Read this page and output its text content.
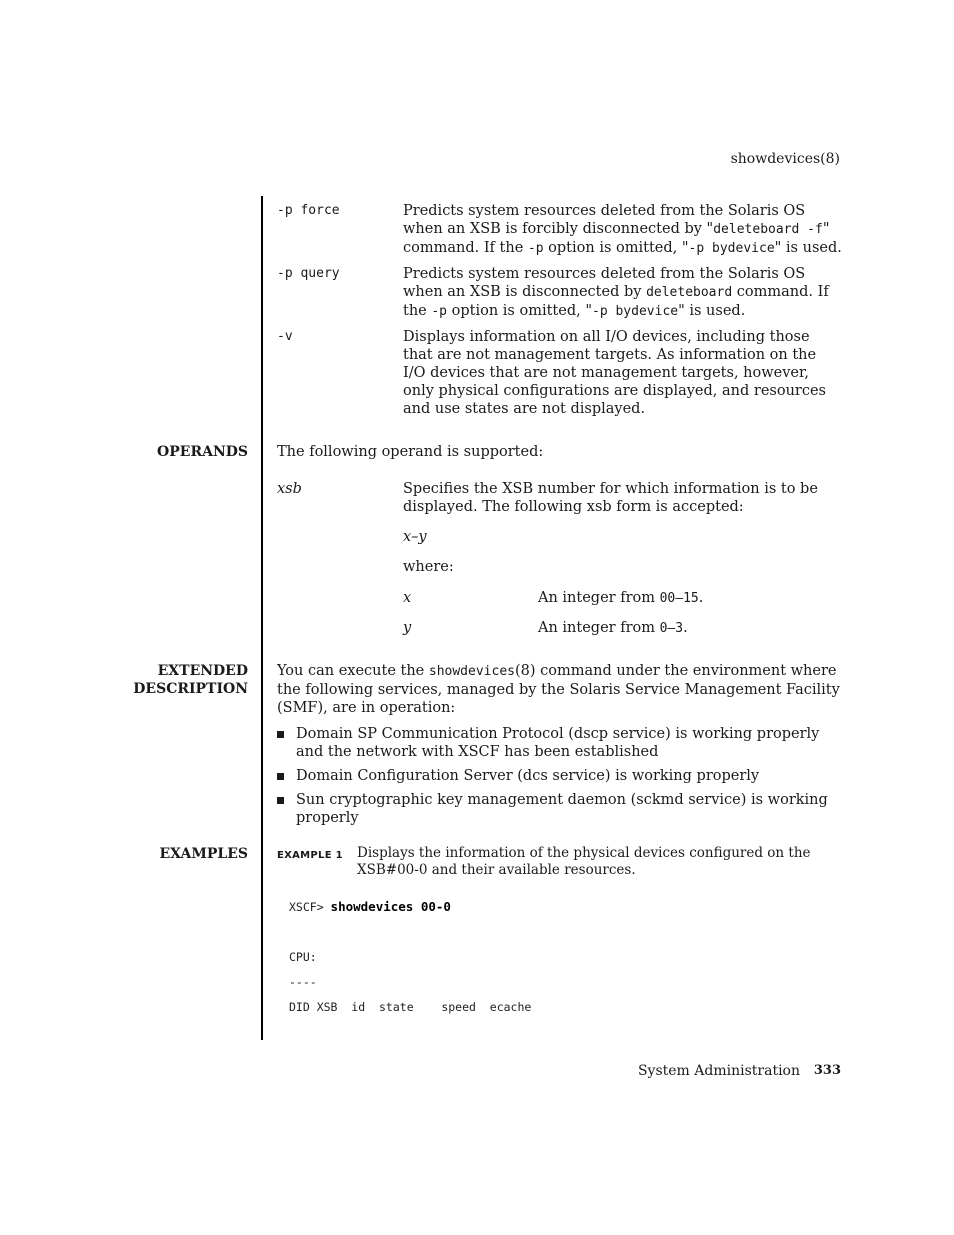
showdevices(8)
-p force	Predicts system resources deleted from the Solaris OS when an XSB is forcibly disconnected by "deleteboard -f" command. If the -p option is omitted, "-p bydevice" is used.
-p query	Predicts system resources deleted from the Solaris OS when an XSB is disconnected by deleteboard command. If the -p option is omitted, "-p bydevice" is used.
-v	Displays information on all I/O devices, including those that are not management targets. As information on the I/O devices that are not management targets, however, only physical configurations are displayed, and resources and use states are not displayed.
OPERANDS The following operand is supported:
xsb	Specifies the XSB number for which information is to be displayed. The following xsb form is accepted:
x–y
where:
x	An integer from 00–15.
y	An integer from 0–3.
EXTENDED
DESCRIPTION
You can execute the showdevices(8) command under the environment where the following services, managed by the Solaris Service Management Facility (SMF), are in operation:
Domain SP Communication Protocol (dscp service) is working properly and the network with XSCF has been established
Domain Configuration Server (dcs service) is working properly
Sun cryptographic key management daemon (sckmd service) is working properly
EXAMPLES	EXAMPLE 1 Displays the information of the physical devices configured on the XSB#00-0 and their available resources.
XSCF> showdevices 00-0
CPU:
----
DID XSB  id  state    speed  ecache
System Administration 333
